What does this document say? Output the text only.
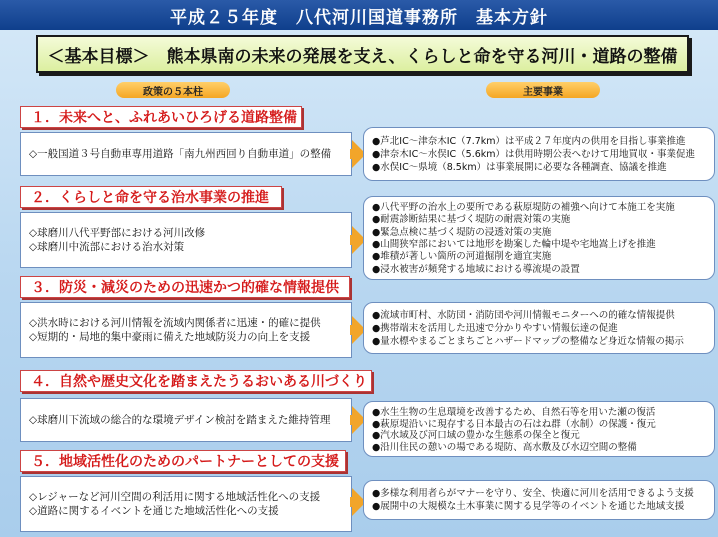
平成２５年度　八代河川国道事務所　基本方針
＜基本目標＞　熊本県南の未来の発展を支え、くらしと命を守る河川・道路の整備
政策の５本柱	主要事業
１．未来へと、ふれあいひろげる道路整備
◇一般国道３号自動車専用道路「南九州西回り自動車道」の整備
●芦北IC〜津奈木IC（7.7km）は平成２７年度内の供用を目指し事業推進
●津奈木IC〜水俣IC（5.6km）は供用時期公表へむけて用地買収・事業促進
●水俣IC〜県境（8.5km）は事業展開に必要な各種調査、協議を推進
２．くらしと命を守る治水事業の推進
◇球磨川八代平野部における河川改修
◇球磨川中流部における治水対策
●八代平野の治水上の要所である萩原堤防の補強へ向けて本施工を実施
●耐震診断結果に基づく堤防の耐震対策の実施
●緊急点検に基づく堤防の浸透対策の実施
●山間狭窄部においては地形を勘案した輪中堤や宅地嵩上げを推進
●堆積が著しい箇所の河道掘削を適宜実施
●浸水被害が頻発する地域における導流堤の設置
３．防災・減災のための迅速かつ的確な情報提供
◇洪水時における河川情報を流域内関係者に迅速・的確に提供
◇短期的・局地的集中豪雨に備えた地域防災力の向上を支援
●流域市町村、水防団・消防団や河川情報モニターへの的確な情報提供
●携帯端末を活用した迅速で分かりやすい情報伝達の促進
●量水標やまるごとまちごとハザードマップの整備など身近な情報の掲示
４．自然や歴史文化を踏まえたうるおいある川づくり
◇球磨川下流域の総合的な環境デザイン検討を踏まえた維持管理
●水生生物の生息環境を改善するため、自然石等を用いた瀬の復活
●萩原堤沿いに現存する日本最古の石はね群（水制）の保護・復元
●汽水域及び河口域の豊かな生態系の保全と復元
●沿川住民の憩いの場である堤防、高水敷及び水辺空間の整備
５．地域活性化のためのパートナーとしての支援
◇レジャーなど河川空間の利活用に関する地域活性化への支援
◇道路に関するイベントを通じた地域活性化への支援
●多様な利用者らがマナーを守り、安全、快適に河川を活用できるよう支援
●展開中の大規模な土木事業に関する見学等のイベントを通じた地域支援
